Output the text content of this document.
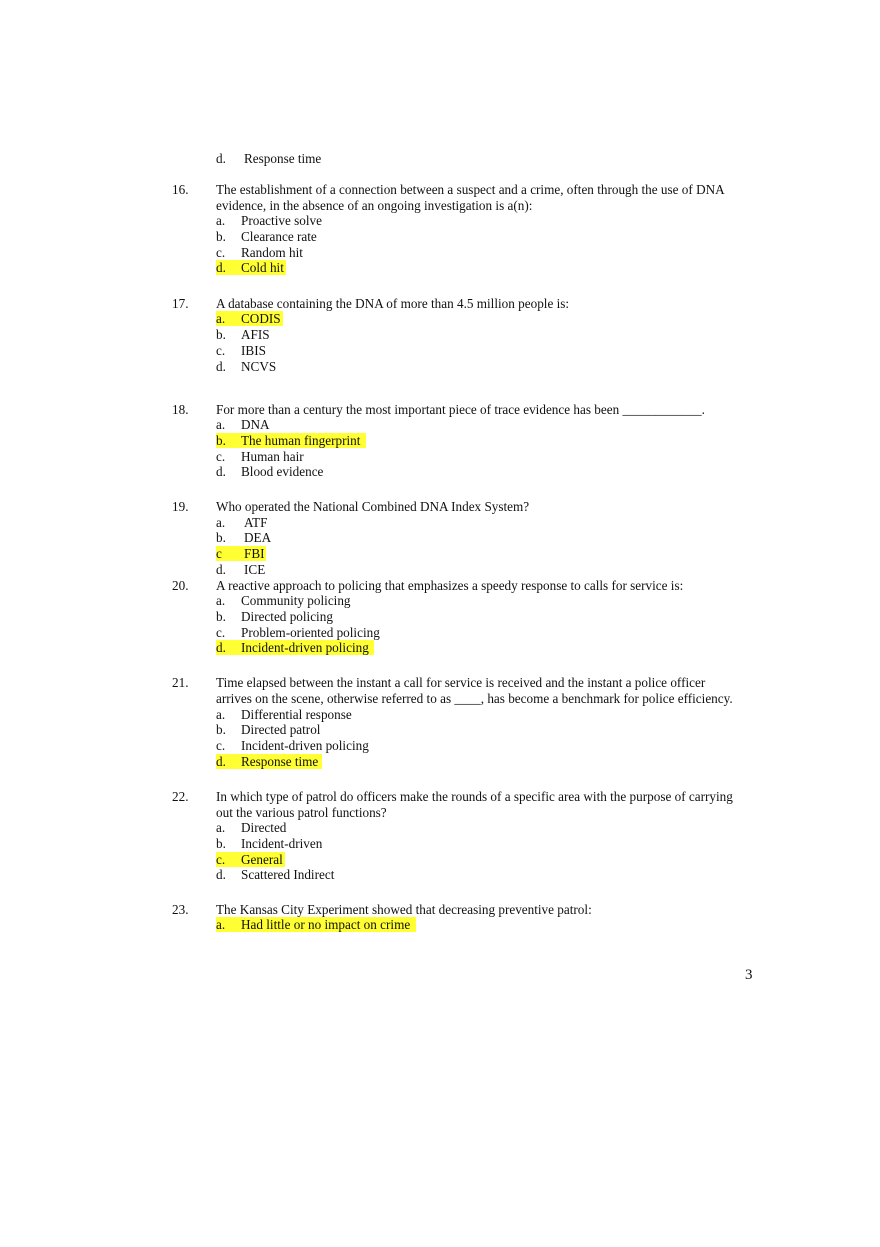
d. Response time
16. The establishment of a connection between a suspect and a crime, often through the use of DNA
evidence, in the absence of an ongoing investigation is a(n):
a. Proactive solve
b. Clearance rate
c. Random hit
d. Cold hit
17. A database containing the DNA of more than 4.5 million people is:
a. CODIS
b. AFIS
c. IBIS
d. NCVS
18. For more than a century the most important piece of trace evidence has been ____________.
a. DNA
b. The human fingerprint
c. Human hair
d. Blood evidence
19. Who operated the National Combined DNA Index System?
a. ATF
b. DEA
c FBI
d. ICE
20. A reactive approach to policing that emphasizes a speedy response to calls for service is:
a. Community policing
b. Directed policing
c. Problem-oriented policing
d. Incident-driven policing
21. Time elapsed between the instant a call for service is received and the instant a police officer
arrives on the scene, otherwise referred to as ____, has become a benchmark for police efficiency.
a. Differential response
b. Directed patrol
c. Incident-driven policing
d. Response time
22. In which type of patrol do officers make the rounds of a specific area with the purpose of carrying
out the various patrol functions?
a. Directed
b. Incident-driven
c. General
d. Scattered Indirect
23. The Kansas City Experiment showed that decreasing preventive patrol:
a. Had little or no impact on crime
3
